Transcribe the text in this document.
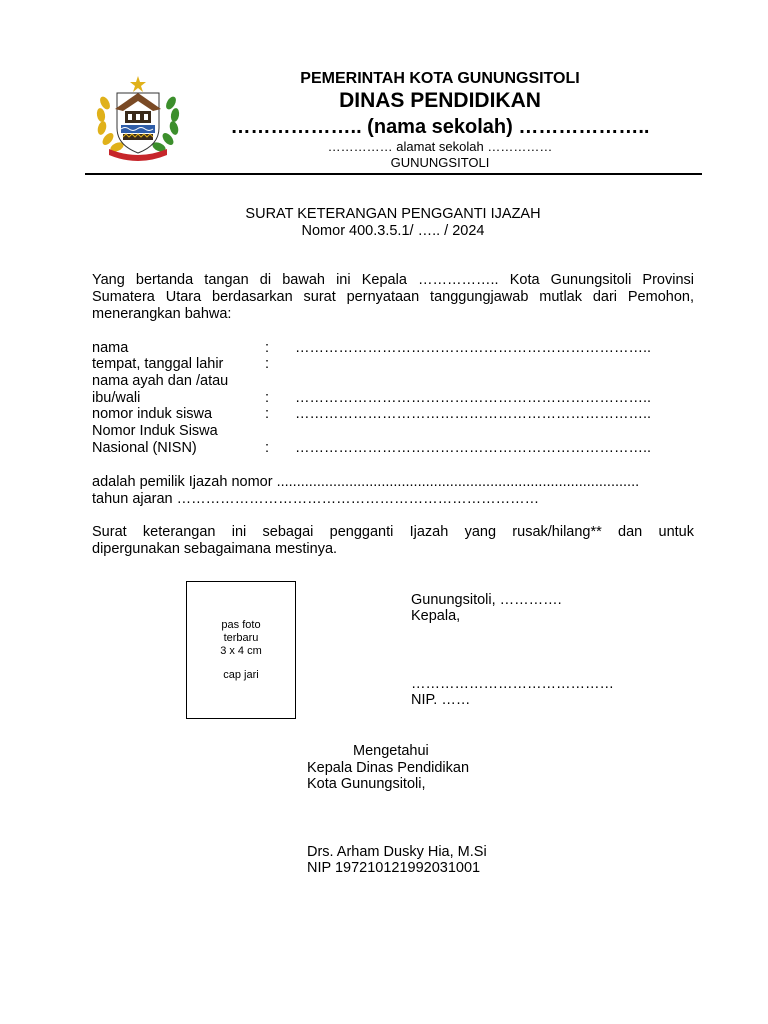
PEMERINTAH KOTA GUNUNGSITOLI
DINAS PENDIDIKAN
……………….. (nama sekolah) ………………..
…………… alamat sekolah ……………
GUNUNGSITOLI
SURAT KETERANGAN PENGGANTI IJAZAH
Nomor 400.3.5.1/ ….. / 2024
Yang bertanda tangan di bawah ini Kepala …………….. Kota Gunungsitoli Provinsi
Sumatera Utara berdasarkan surat pernyataan tanggungjawab mutlak dari Pemohon,
menerangkan bahwa:
nama	: ………………………………………………………………..
tempat, tanggal lahir	:
nama ayah dan /atau
ibu/wali	: ………………………………………………………………..
nomor induk siswa	: ………………………………………………………………..
Nomor Induk Siswa
Nasional (NISN)	: ………………………………………………………………..
adalah pemilik Ijazah nomor ..........................................................................................
tahun ajaran …………………………………………………………………
Surat keterangan ini sebagai pengganti Ijazah yang rusak/hilang** dan untuk
dipergunakan sebagaimana mestinya.
pas foto
terbaru
3 x 4 cm
cap jari
Gunungsitoli, ………….
Kepala,
……………………………………
NIP. ……
Mengetahui
Kepala Dinas Pendidikan
Kota Gunungsitoli,
Drs. Arham Dusky Hia, M.Si
NIP 197210121992031001
